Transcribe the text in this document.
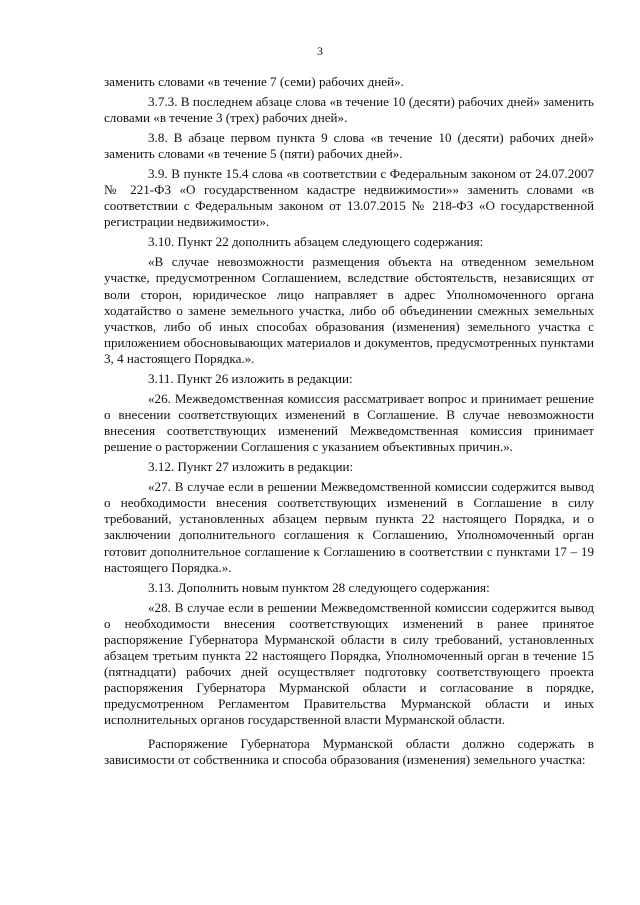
3

заменить словами «в течение 7 (семи) рабочих дней».

3.7.3. В последнем абзаце слова «в течение 10 (десяти) рабочих дней» заменить словами «в течение 3 (трех) рабочих дней».

3.8. В абзаце первом пункта 9 слова «в течение 10 (десяти) рабочих дней» заменить словами «в течение 5 (пяти) рабочих дней».

3.9. В пункте 15.4 слова «в соответствии с Федеральным законом от 24.07.2007 № 221-ФЗ «О государственном кадастре недвижимости»» заменить словами «в соответствии с Федеральным законом от 13.07.2015 № 218-ФЗ «О государственной регистрации недвижимости».

3.10. Пункт 22 дополнить абзацем следующего содержания:

«В случае невозможности размещения объекта на отведенном земельном участке, предусмотренном Соглашением, вследствие обстоятельств, независящих от воли сторон, юридическое лицо направляет в адрес Уполномоченного органа ходатайство о замене земельного участка, либо об объединении смежных земельных участков, либо об иных способах образования (изменения) земельного участка с приложением обосновывающих материалов и документов, предусмотренных пунктами 3, 4 настоящего Порядка.».

3.11. Пункт 26 изложить в редакции:

«26. Межведомственная комиссия рассматривает вопрос и принимает решение о внесении соответствующих изменений в Соглашение. В случае невозможности внесения соответствующих изменений Межведомственная комиссия принимает решение о расторжении Соглашения с указанием объективных причин.».

3.12. Пункт 27 изложить в редакции:

«27. В случае если в решении Межведомственной комиссии содержится вывод о необходимости внесения соответствующих изменений в Соглашение в силу требований, установленных абзацем первым пункта 22 настоящего Порядка, и о заключении дополнительного соглашения к Соглашению, Уполномоченный орган готовит дополнительное соглашение к Соглашению в соответствии с пунктами 17 – 19 настоящего Порядка.».

3.13. Дополнить новым пунктом 28 следующего содержания:

«28. В случае если в решении Межведомственной комиссии содержится вывод о необходимости внесения соответствующих изменений в ранее принятое распоряжение Губернатора Мурманской области в силу требований, установленных абзацем третьим пункта 22 настоящего Порядка, Уполномоченный орган в течение 15 (пятнадцати) рабочих дней осуществляет подготовку соответствующего проекта распоряжения Губернатора Мурманской области и согласование в порядке, предусмотренном Регламентом Правительства Мурманской области и иных исполнительных органов государственной власти Мурманской области.

Распоряжение Губернатора Мурманской области должно содержать в зависимости от собственника и способа образования (изменения) земельного участка:
